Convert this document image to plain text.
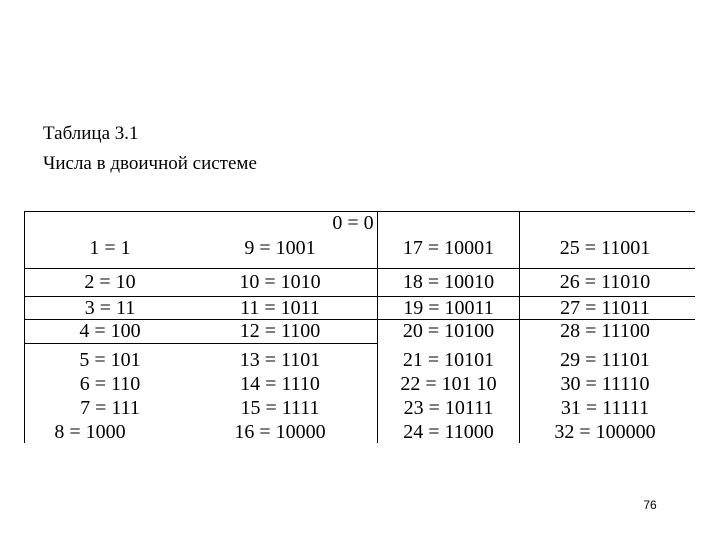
Таблица 3.1
Числа в двоичной системе
0 = 0
1 = 1
2 = 10
3 = 11
4 = 100
5 = 101
6 = 110
7 = 111
8 = 1000
9 = 1001
10 = 1010
11 = 1011
12 = 1100
13 = 1101
14 = 1110
15 = 1111
16 = 10000
17 = 10001
18 = 10010
19 = 10011
20 = 10100
21 = 10101
22 = 101 10
23 = 10111
24 = 11000
25 = 11001
26 = 11010
27 = 11011
28 = 11100
29 = 11101
30 = 11110
31 = 11111
32 = 100000
76
